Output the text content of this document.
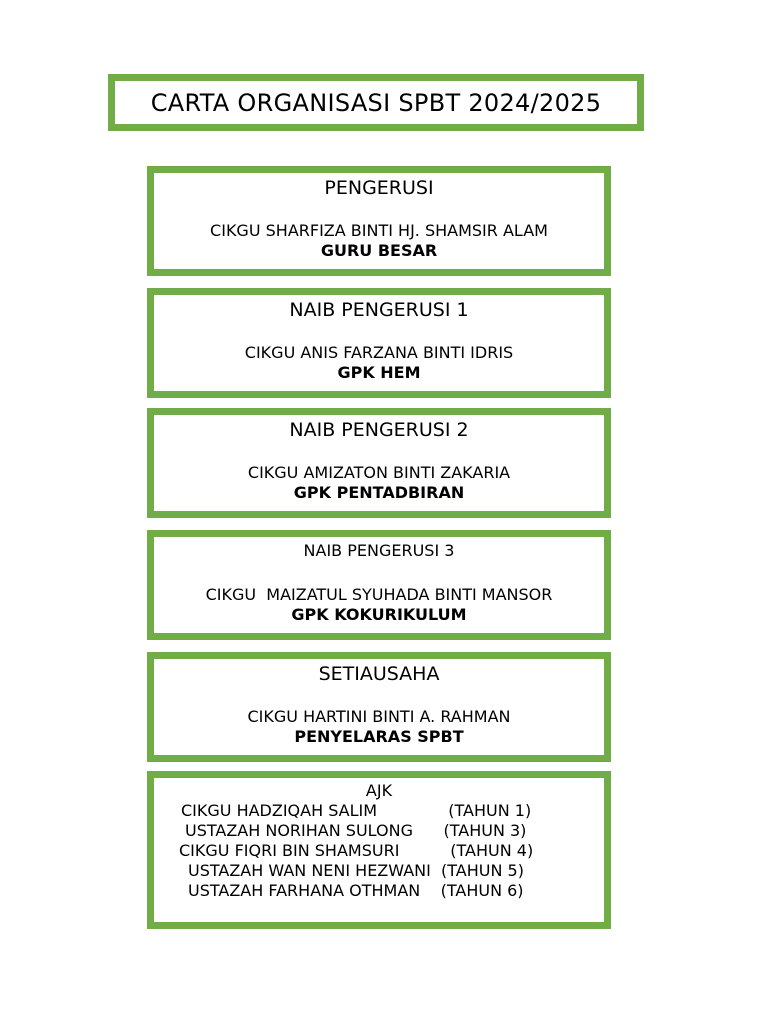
CARTA ORGANISASI SPBT 2024/2025
PENGERUSI
CIKGU SHARFIZA BINTI HJ. SHAMSIR ALAM
GURU BESAR
NAIB PENGERUSI 1
CIKGU ANIS FARZANA BINTI IDRIS
GPK HEM
NAIB PENGERUSI 2
CIKGU AMIZATON BINTI ZAKARIA
GPK PENTADBIRAN
NAIB PENGERUSI 3
CIKGU  MAIZATUL SYUHADA BINTI MANSOR
GPK KOKURIKULUM
SETIAUSAHA
CIKGU HARTINI BINTI A. RAHMAN
PENYELARAS SPBT
AJK
CIKGU HADZIQAH SALIM              (TAHUN 1)
USTAZAH NORIHAN SULONG      (TAHUN 3)
CIKGU FIQRI BIN SHAMSURI          (TAHUN 4)
USTAZAH WAN NENI HEZWANI  (TAHUN 5)
USTAZAH FARHANA OTHMAN    (TAHUN 6)
